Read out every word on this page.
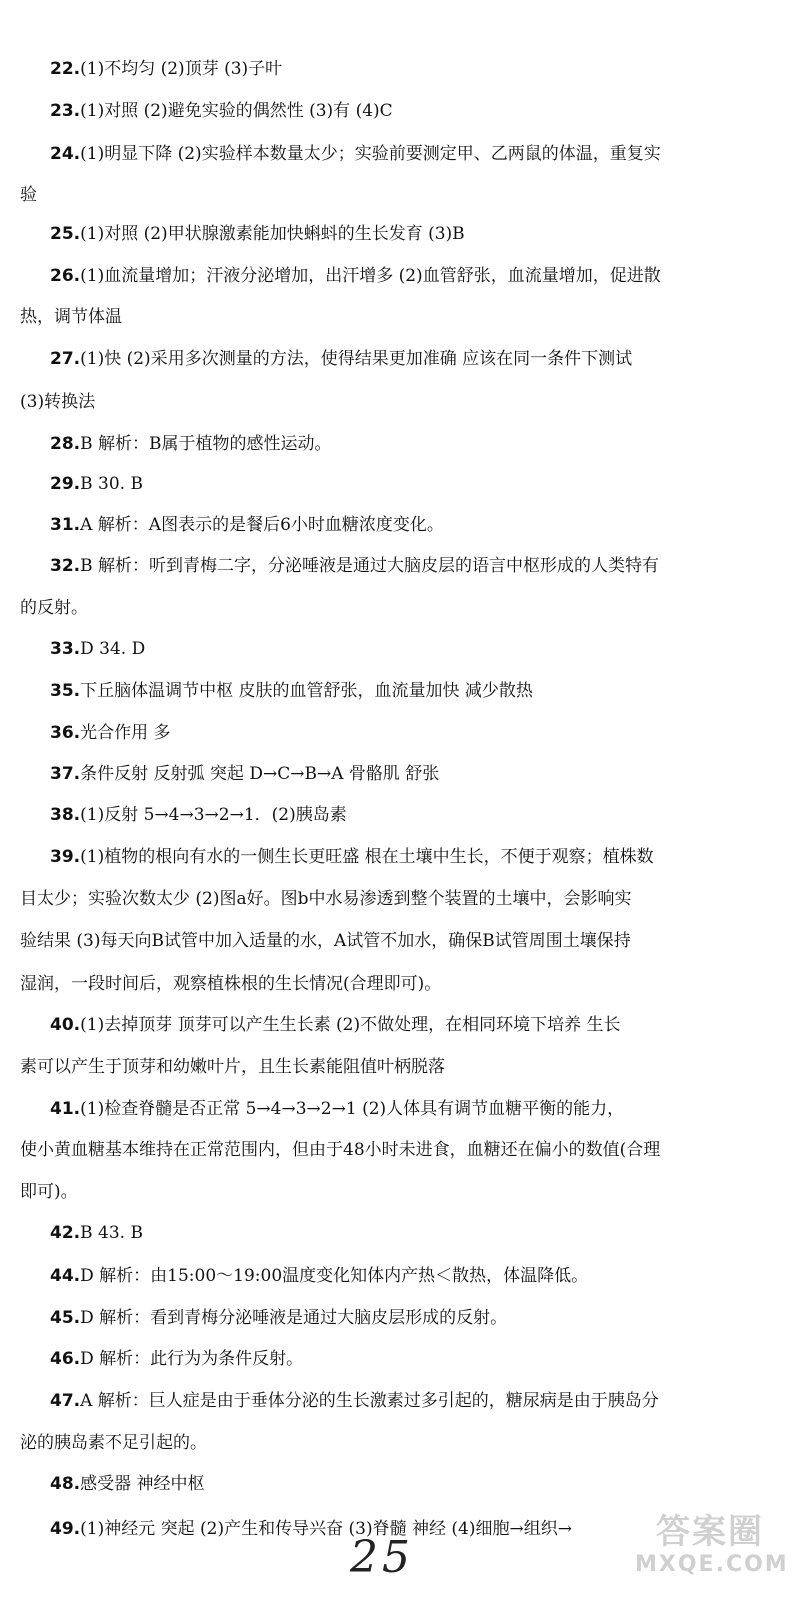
22.(1)不均匀 (2)顶芽 (3)子叶
23.(1)对照 (2)避免实验的偶然性 (3)有 (4)C
24.(1)明显下降 (2)实验样本数量太少；实验前要测定甲、乙两鼠的体温，重复实
验
25.(1)对照 (2)甲状腺激素能加快蝌蚪的生长发育 (3)B
26.(1)血流量增加；汗液分泌增加，出汗增多 (2)血管舒张，血流量增加，促进散
热，调节体温
27.(1)快 (2)采用多次测量的方法，使得结果更加准确 应该在同一条件下测试
(3)转换法
28.B 解析：B属于植物的感性运动。
29.B 30. B
31.A 解析：A图表示的是餐后6小时血糖浓度变化。
32.B 解析：听到青梅二字，分泌唾液是通过大脑皮层的语言中枢形成的人类特有
的反射。
33.D 34. D
35.下丘脑体温调节中枢 皮肤的血管舒张，血流量加快 减少散热
36.光合作用 多
37.条件反射 反射弧 突起 D→C→B→A 骨骼肌 舒张
38.(1)反射 5→4→3→2→1．(2)胰岛素
39.(1)植物的根向有水的一侧生长更旺盛 根在土壤中生长，不便于观察；植株数
目太少；实验次数太少 (2)图a好。图b中水易渗透到整个装置的土壤中，会影响实
验结果 (3)每天向B试管中加入适量的水，A试管不加水，确保B试管周围土壤保持
湿润，一段时间后，观察植株根的生长情况(合理即可)。
40.(1)去掉顶芽 顶芽可以产生生长素 (2)不做处理，在相同环境下培养 生长
素可以产生于顶芽和幼嫩叶片，且生长素能阻值叶柄脱落
41.(1)检查脊髓是否正常 5→4→3→2→1 (2)人体具有调节血糖平衡的能力，
使小黄血糖基本维持在正常范围内，但由于48小时未进食，血糖还在偏小的数值(合理
即可)。
42.B 43. B
44.D 解析：由15:00～19:00温度变化知体内产热＜散热，体温降低。
45.D 解析：看到青梅分泌唾液是通过大脑皮层形成的反射。
46.D 解析：此行为为条件反射。
47.A 解析：巨人症是由于垂体分泌的生长激素过多引起的，糖尿病是由于胰岛分
泌的胰岛素不足引起的。
48.感受器 神经中枢
49.(1)神经元 突起 (2)产生和传导兴奋 (3)脊髓 神经 (4)细胞→组织→
25	答案圈
MXQE.COM
